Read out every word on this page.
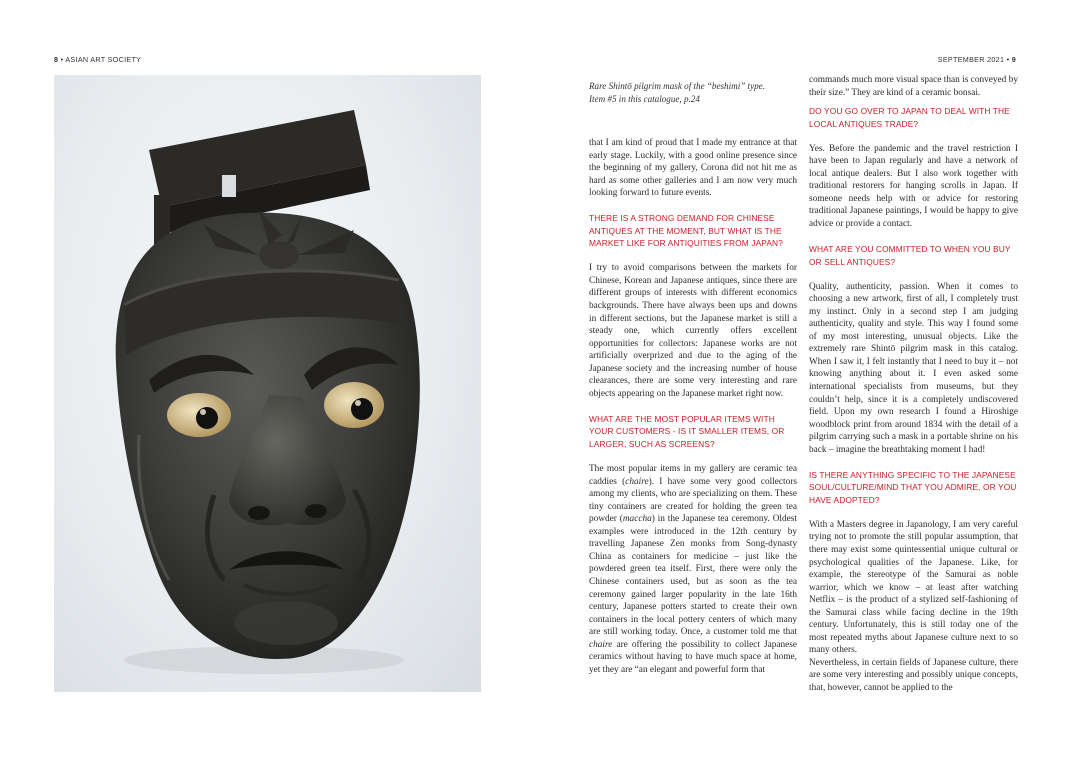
8 • ASIAN ART SOCIETY	SEPTEMBER 2021 • 9
Rare Shintō pilgrim mask of the “beshimi” type.
Item #5 in this catalogue, p.24

that I am kind of proud that I made my entrance at that early stage. Luckily, with a good online presence since the beginning of my gallery, Corona did not hit me as hard as some other galleries and I am now very much looking forward to future events.

THERE IS A STRONG DEMAND FOR CHINESE ANTIQUES AT THE MOMENT, BUT WHAT IS THE MARKET LIKE FOR ANTIQUITIES FROM JAPAN?

I try to avoid comparisons between the markets for Chinese, Korean and Japanese antiques, since there are different groups of interests with different economics backgrounds. There have always been ups and downs in different sections, but the Japanese market is still a steady one, which currently offers excellent opportunities for collectors: Japanese works are not artificially overprized and due to the aging of the Japanese society and the increasing number of house clearances, there are some very interesting and rare objects appearing on the Japanese market right now.

WHAT ARE THE MOST POPULAR ITEMS WITH YOUR CUSTOMERS - IS IT SMALLER ITEMS, OR LARGER, SUCH AS SCREENS?

The most popular items in my gallery are ceramic tea caddies (chaire). I have some very good collectors among my clients, who are specializing on them. These tiny containers are created for holding the green tea powder (maccha) in the Japanese tea ceremony. Oldest examples were introduced in the 12th century by travelling Japanese Zen monks from Song-dynasty China as containers for medicine – just like the powdered green tea itself. First, there were only the Chinese containers used, but as soon as the tea ceremony gained larger popularity in the late 16th century, Japanese potters started to create their own containers in the local pottery centers of which many are still working today. Once, a customer told me that chaire are offering the possibility to collect Japanese ceramics without having to have much space at home, yet they are “an elegant and powerful form that

commands much more visual space than is conveyed by their size.” They are kind of a ceramic bonsai.

DO YOU GO OVER TO JAPAN TO DEAL WITH THE LOCAL ANTIQUES TRADE?

Yes. Before the pandemic and the travel restriction I have been to Japan regularly and have a network of local antique dealers. But I also work together with traditional restorers for hanging scrolls in Japan. If someone needs help with or advice for restoring traditional Japanese paintings, I would be happy to give advice or provide a contact.

WHAT ARE YOU COMMITTED TO WHEN YOU BUY OR SELL ANTIQUES?

Quality, authenticity, passion. When it comes to choosing a new artwork, first of all, I completely trust my instinct. Only in a second step I am judging authenticity, quality and style. This way I found some of my most interesting, unusual objects. Like the extremely rare Shintō pilgrim mask in this catalog. When I saw it, I felt instantly that I need to buy it – not knowing anything about it. I even asked some international specialists from museums, but they couldn’t help, since it is a completely undiscovered field. Upon my own research I found a Hiroshige woodblock print from around 1834 with the detail of a pilgrim carrying such a mask in a portable shrine on his back – imagine the breathtaking moment I had!

IS THERE ANYTHING SPECIFIC TO THE JAPANESE SOUL/CULTURE/MIND THAT YOU ADMIRE, OR YOU HAVE ADOPTED?

With a Masters degree in Japanology, I am very careful trying not to promote the still popular assumption, that there may exist some quintessential unique cultural or psychological qualities of the Japanese. Like, for example, the stereotype of the Samurai as noble warrior, which we know – at least after watching Netflix – is the product of a stylized self-fashioning of the Samurai class while facing decline in the 19th century. Unfortunately, this is still today one of the most repeated myths about Japanese culture next to so many others.

Nevertheless, in certain fields of Japanese culture, there are some very interesting and possibly unique concepts, that, however, cannot be applied to the
